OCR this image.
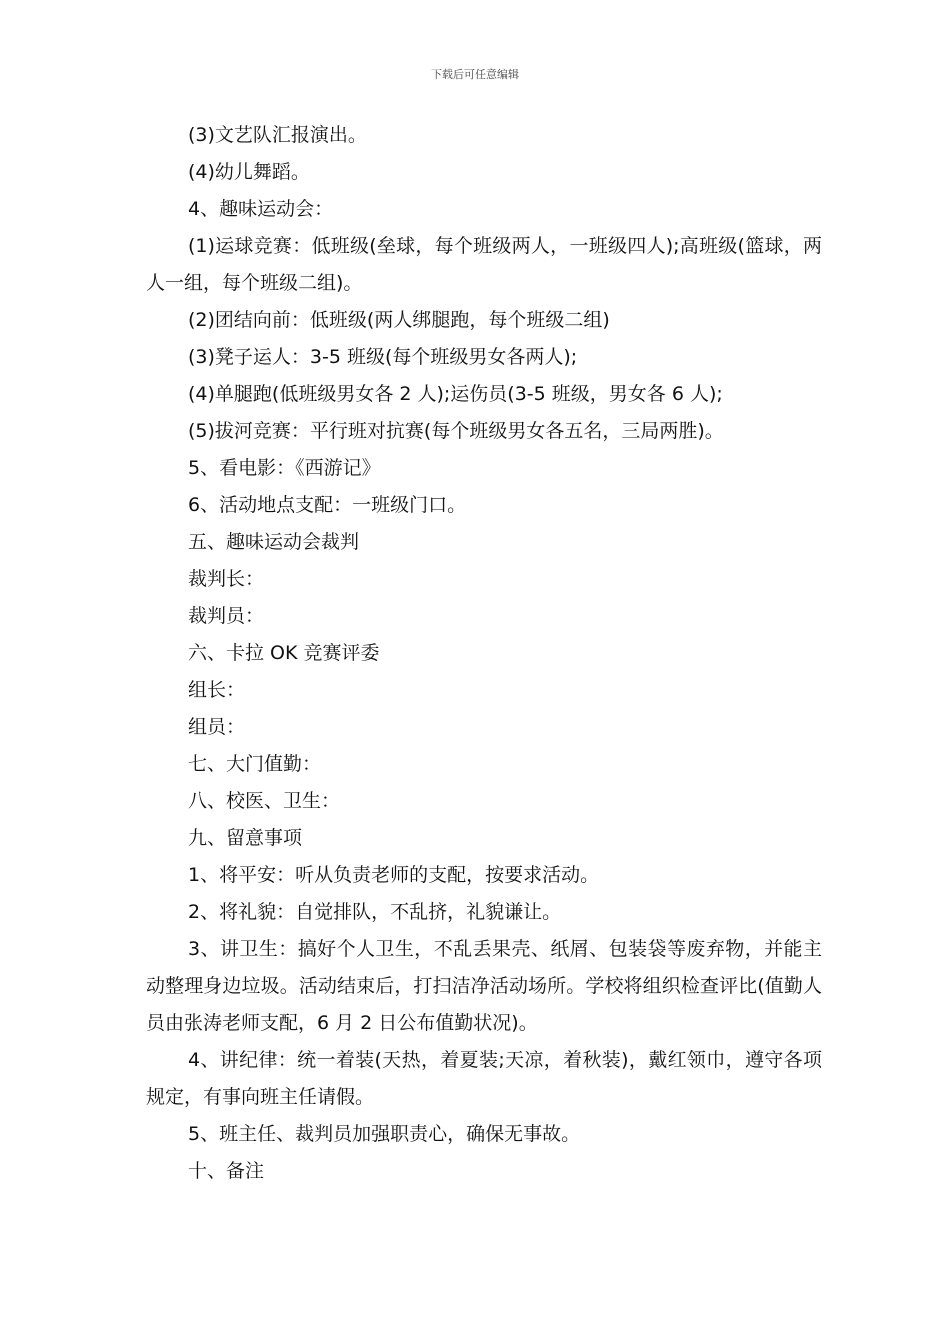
下载后可任意编辑

(3)文艺队汇报演出。

(4)幼儿舞蹈。

4、趣味运动会：

(1)运球竞赛：低班级(垒球，每个班级两人，一班级四人);高班级(篮球，两人一组，每个班级二组)。

(2)团结向前：低班级(两人绑腿跑，每个班级二组)

(3)凳子运人：3-5 班级(每个班级男女各两人);

(4)单腿跑(低班级男女各 2 人);运伤员(3-5 班级，男女各 6 人);

(5)拔河竞赛：平行班对抗赛(每个班级男女各五名，三局两胜)。

5、看电影：《西游记》

6、活动地点支配：一班级门口。

五、趣味运动会裁判

裁判长：

裁判员：

六、卡拉 OK 竞赛评委

组长：

组员：

七、大门值勤：

八、校医、卫生：

九、留意事项

1、将平安：听从负责老师的支配，按要求活动。

2、将礼貌：自觉排队，不乱挤，礼貌谦让。

3、讲卫生：搞好个人卫生，不乱丢果壳、纸屑、包装袋等废弃物，并能主动整理身边垃圾。活动结束后，打扫洁净活动场所。学校将组织检查评比(值勤人员由张涛老师支配，6 月 2 日公布值勤状况)。

4、讲纪律：统一着装(天热，着夏装;天凉，着秋装)，戴红领巾，遵守各项规定，有事向班主任请假。

5、班主任、裁判员加强职责心，确保无事故。

十、备注
